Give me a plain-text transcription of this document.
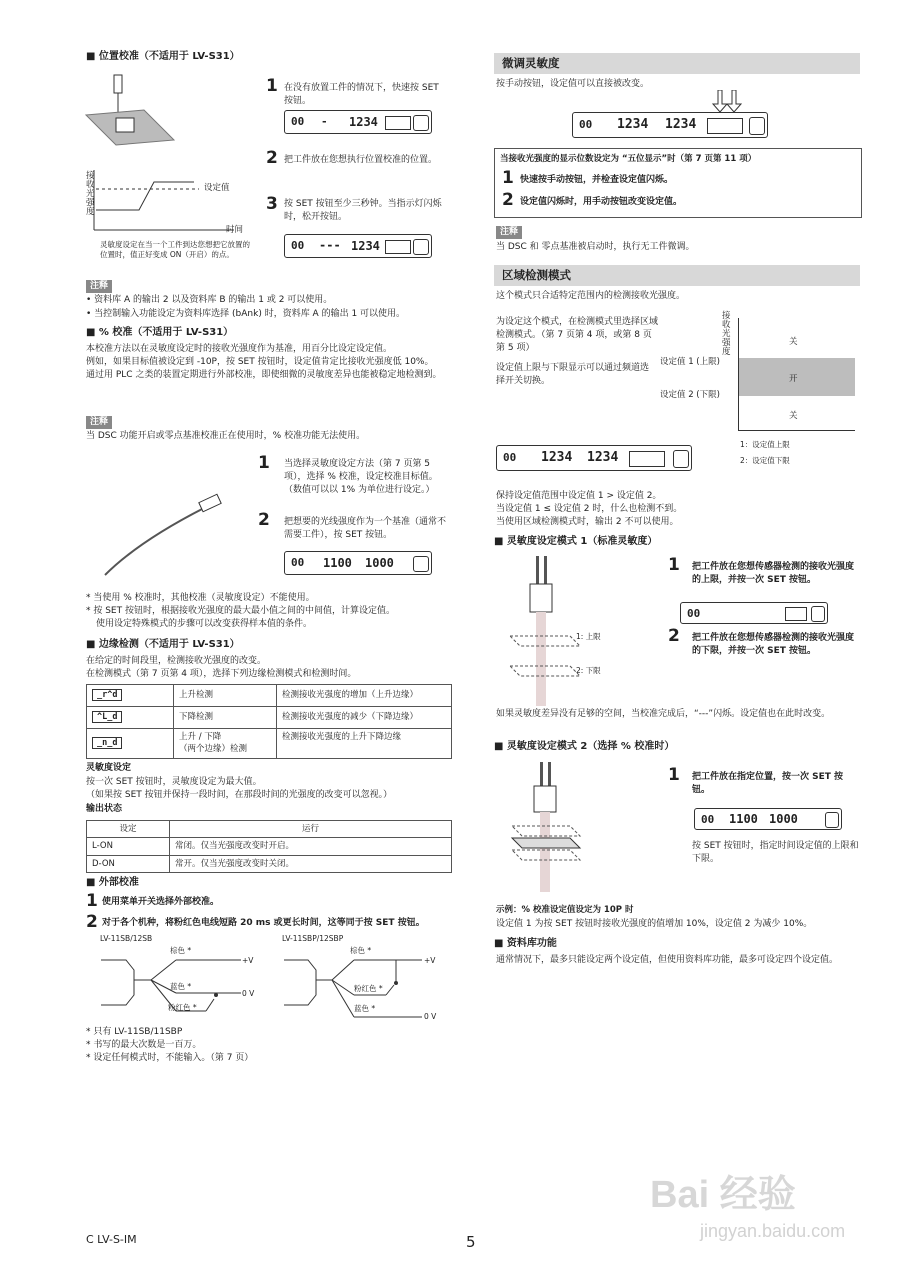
■ 位置校准（不适用于 LV-S31）
接收光强度
设定值
时间
灵敏度设定在当一个工件到达您想把它放置的位置时，值正好变成 ON（开启）的点。
1 在没有放置工件的情况下，快速按 SET 按钮。
00 - 1234
2 把工件放在您想执行位置校准的位置。
3 按 SET 按钮至少三秒钟。当指示灯闪烁时，松开按钮。
00 --- 1234
注释
• 资料库 A 的输出 2 以及资料库 B 的输出 1 或 2 可以使用。
• 当控制输入功能设定为资料库选择 (bAnk) 时，资料库 A 的输出 1 可以使用。
■ % 校准（不适用于 LV-S31）
本校准方法以在灵敏度设定时的接收光强度作为基准，用百分比设定设定值。
例如，如果目标值被设定到 -10P，按 SET 按钮时，设定值肯定比接收光强度低 10%。
通过用 PLC 之类的装置定期进行外部校准，即使细微的灵敏度差异也能被稳定地检测到。
注释
当 DSC 功能开启或零点基准校准正在使用时，% 校准功能无法使用。
1 当选择灵敏度设定方法（第 7 页第 5 项），选择 % 校准，设定校准目标值。
（数值可以以 1% 为单位进行设定。）
2 把想要的光线强度作为一个基准（通常不需要工件），按 SET 按钮。
00 1100 1000
* 当使用 % 校准时，其他校准（灵敏度设定）不能使用。
* 按 SET 按钮时，根据接收光强度的最大最小值之间的中间值，计算设定值。
使用设定特殊模式的步骤可以改变获得样本值的条件。
■ 边缘检测（不适用于 LV-S31）
在给定的时间段里，检测接收光强度的改变。
在检测模式（第 7 页第 4 项），选择下列边缘检测模式和检测时间。
_r^d	上升检测	检测接收光强度的增加（上升边缘）
^L_d	下降检测	检测接收光强度的减少（下降边缘）
_n_d	上升 / 下降
（两个边缘）检测	检测接收光强度的上升下降边缘
灵敏度设定
按一次 SET 按钮时，灵敏度设定为最大值。
（如果按 SET 按钮并保持一段时间，在那段时间的光强度的改变可以忽视。）
输出状态
设定	运行
L-ON	常闭。仅当光强度改变时开启。
D-ON	常开。仅当光强度改变时关闭。
■ 外部校准
1 使用菜单开关选择外部校准。
2 对于各个机种，将粉红色电线短路 20 ms 或更长时间，这等同于按 SET 按钮。
LV-11SB/12SB	LV-11SBP/12SBP
棕色 *
+V
蓝色 *
0 V
粉红色 *
棕色 *
+V
粉红色 *
蓝色 *
0 V
* 只有 LV-11SB/11SBP
* 书写的最大次数是一百万。
* 设定任何模式时，不能输入。（第 7 页）
微调灵敏度
按手动按钮，设定值可以直接被改变。
00 1234 1234
当接收光强度的显示位数设定为 “五位显示”时（第 7 页第 11 项）
1 快速按手动按钮，并检查设定值闪烁。
2 设定值闪烁时，用手动按钮改变设定值。
注释
当 DSC 和 零点基准被启动时，执行无工件微调。
区域检测模式
这个模式只合适特定范围内的检测接收光强度。
为设定这个模式，在检测模式里选择区域检测模式。（第 7 页第 4 项，或第 8 页第 5 项）
设定值上限与下限显示可以通过频道选择开关切换。
设定值 1 (上限)
设定值 2 (下限)
接收光强度
关
开
关
1：设定值上限
2：设定值下限
00 1234 1234
保持设定值范围中设定值 1 > 设定值 2。
当设定值 1 ≤ 设定值 2 时，什么也检测不到。
当使用区域检测模式时，输出 2 不可以使用。
■ 灵敏度设定模式 1（标准灵敏度）
1: 上限
2: 下限
1 把工件放在您想传感器检测的接收光强度的上限，并按一次 SET 按钮。
00
2 把工件放在您想传感器检测的接收光强度的下限，并按一次 SET 按钮。
如果灵敏度差异没有足够的空间，当校准完成后，“---”闪烁。设定值也在此时改变。
■ 灵敏度设定模式 2（选择 % 校准时）
1 把工件放在指定位置，按一次 SET 按钮。
00 1100 1000
按 SET 按钮时，指定时间设定值的上限和下限。
示例：% 校准设定值设定为 10P 时
设定值 1 为按 SET 按钮时接收光强度的值增加 10%，设定值 2 为减少 10%。
■ 资料库功能
通常情况下，最多只能设定两个设定值，但使用资料库功能，最多可设定四个设定值。
C LV-S-IM	5
Bai 经验
jingyan.baidu.com
